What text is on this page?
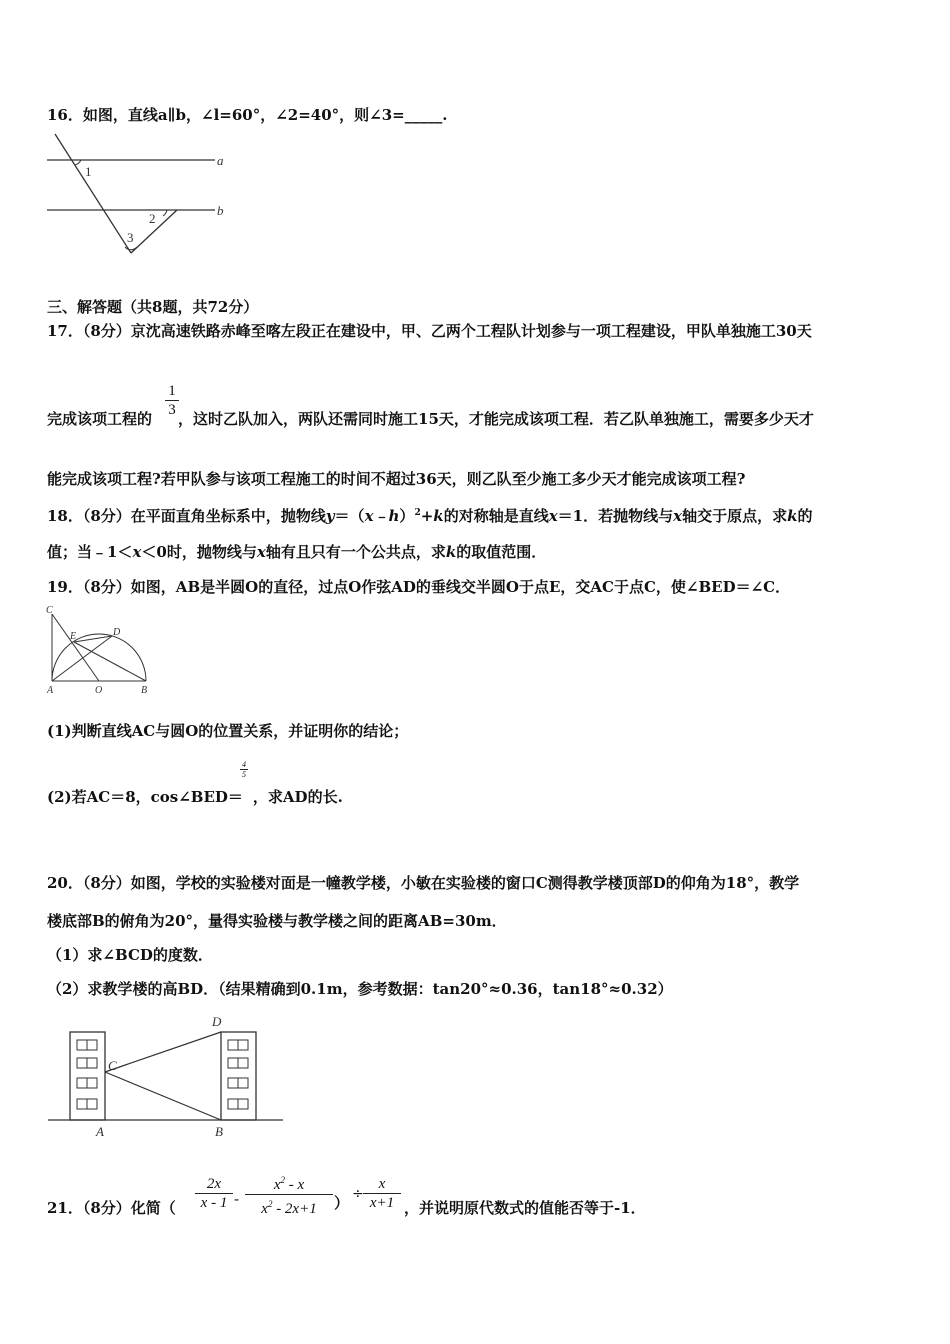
16．如图，直线a∥b，∠l=60°，∠2=40°，则∠3=_____.
a
b
1
2
3
三、解答题（共8题，共72分）
17．（8分）京沈高速铁路赤峰至喀左段正在建设中，甲、乙两个工程队计划参与一项工程建设，甲队单独施工30天
完成该项工程的 ，这时乙队加入，两队还需同时施工15天，才能完成该项工程．若乙队单独施工，需要多少天才
1
3
能完成该项工程?若甲队参与该项工程施工的时间不超过36天，则乙队至少施工多少天才能完成该项工程?
18．（8分）在平面直角坐标系中，抛物线y＝（x﹣h）$^2$+k的对称轴是直线x＝1．若抛物线与x轴交于原点，求k的
值；当﹣1＜x＜0时，抛物线与x轴有且只有一个公共点，求k的取值范围．
19．（8分）如图，AB是半圆O的直径，过点O作弦AD的垂线交半圆O于点E，交AC于点C，使∠BED＝∠C．
C
E	D
A	O	B
(1)判断直线AC与圆O的位置关系，并证明你的结论；
(2)若AC＝8，cos∠BED＝ ，求AD的长.
4
5
20．（8分）如图，学校的实验楼对面是一幢教学楼，小敏在实验楼的窗口C测得教学楼顶部D的仰角为18°，教学
楼底部B的俯角为20°，量得实验楼与教学楼之间的距离AB=30m．
（1）求∠BCD的度数．
（2）求教学楼的高BD．（结果精确到0.1m，参考数据：tan20°≈0.36，tan18°≈0.32）
D
C
A	B
21．（8分）化简（
2x
x - 1 -
$x^2$ - x
$x^2 - 2x+1$	） ÷
x
x+1 ，并说明原代数式的值能否等于-1．
